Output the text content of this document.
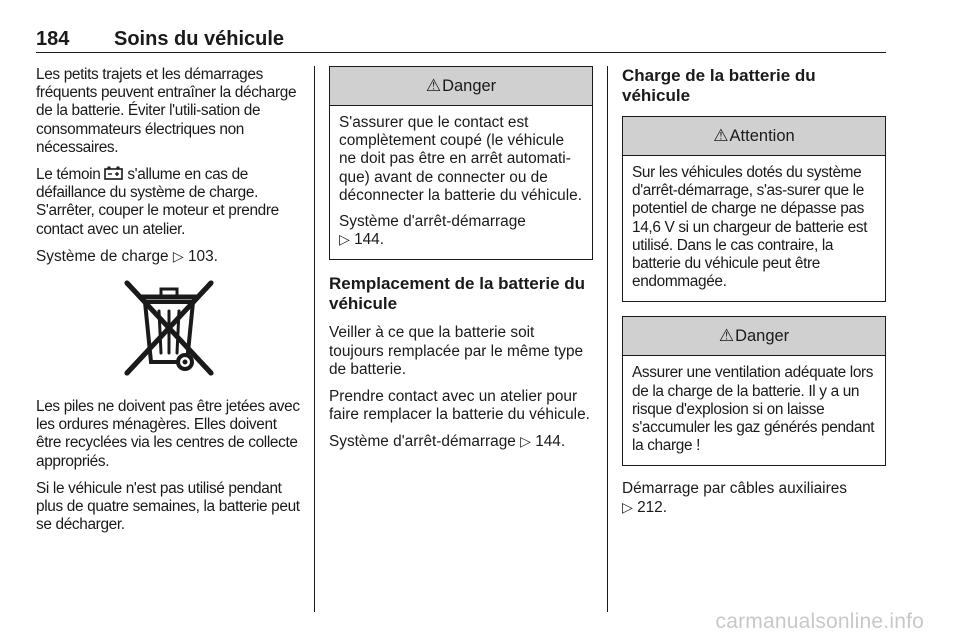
184 Soins du véhicule

Les petits trajets et les démarrages fréquents peuvent entraîner la décharge de la batterie. Éviter l'utili-sation de consommateurs électriques non nécessaires.

Le témoin  s'allume en cas de défaillance du système de charge. S'arrêter, couper le moteur et prendre contact avec un atelier.

Système de charge ▷ 103.

Les piles ne doivent pas être jetées avec les ordures ménagères. Elles doivent être recyclées via les centres de collecte appropriés.

Si le véhicule n'est pas utilisé pendant plus de quatre semaines, la batterie peut se décharger.

⚠Danger

S'assurer que le contact est complètement coupé (le véhicule ne doit pas être en arrêt automati-que) avant de connecter ou de déconnecter la batterie du véhicule.

Système d'arrêt-démarrage
▷ 144.

Remplacement de la batterie du véhicule

Veiller à ce que la batterie soit toujours remplacée par le même type de batterie.

Prendre contact avec un atelier pour faire remplacer la batterie du véhicule.

Système d'arrêt-démarrage ▷ 144.

Charge de la batterie du véhicule
⚠Attention

Sur les véhicules dotés du système d'arrêt-démarrage, s'as-surer que le potentiel de charge ne dépasse pas 14,6 V si un chargeur de batterie est utilisé. Dans le cas contraire, la batterie du véhicule peut être endommagée.

⚠Danger

Assurer une ventilation adéquate lors de la charge de la batterie. Il y a un risque d'explosion si on laisse s'accumuler les gaz générés pendant la charge !

Démarrage par câbles auxiliaires
▷ 212.

carmanualsonline.info
